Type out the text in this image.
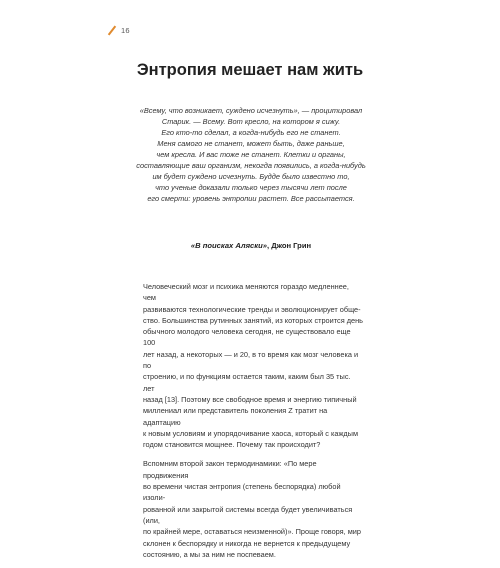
16
Энтропия мешает нам жить

«Всему, что возникает, суждено исчезнуть», — процитировал

Старик. — Всему. Вот кресло, на котором я сижу.

Его кто-то сделал, а когда-нибудь его не станет.

Меня самого не станет, может быть, даже раньше,

чем кресла. И вас тоже не станет. Клетки и органы,

составляющие ваш организм, некогда появились, а когда-нибудь

им будет суждено исчезнуть. Будде было известно то,

что ученые доказали только через тысячи лет после

его смерти: уровень энтропии растет. Все рассыпается.

«В поисках Аляски», Джон Грин

Человеческий мозг и психика меняются гораздо медленнее, чем
развиваются технологические тренды и эволюционирует обще-
ство. Большинства рутинных занятий, из которых строится день
обычного молодого человека сегодня, не существовало еще 100
лет назад, а некоторых — и 20, в то время как мозг человека и по
строению, и по функциям остается таким, каким был 35 тыс. лет
назад [13]. Поэтому все свободное время и энергию типичный
миллениал или представитель поколения Z тратит на адаптацию
к новым условиям и упорядочивание хаоса, который с каждым
годом становится мощнее. Почему так происходит?

Вспомним второй закон термодинамики: «По мере продвижения
во времени чистая энтропия (степень беспорядка) любой изоли-
рованной или закрытой системы всегда будет увеличиваться (или,
по крайней мере, оставаться неизменной)». Проще говоря, мир
склонен к беспорядку и никогда не вернется к предыдущему
состоянию, а мы за ним не поспеваем.
